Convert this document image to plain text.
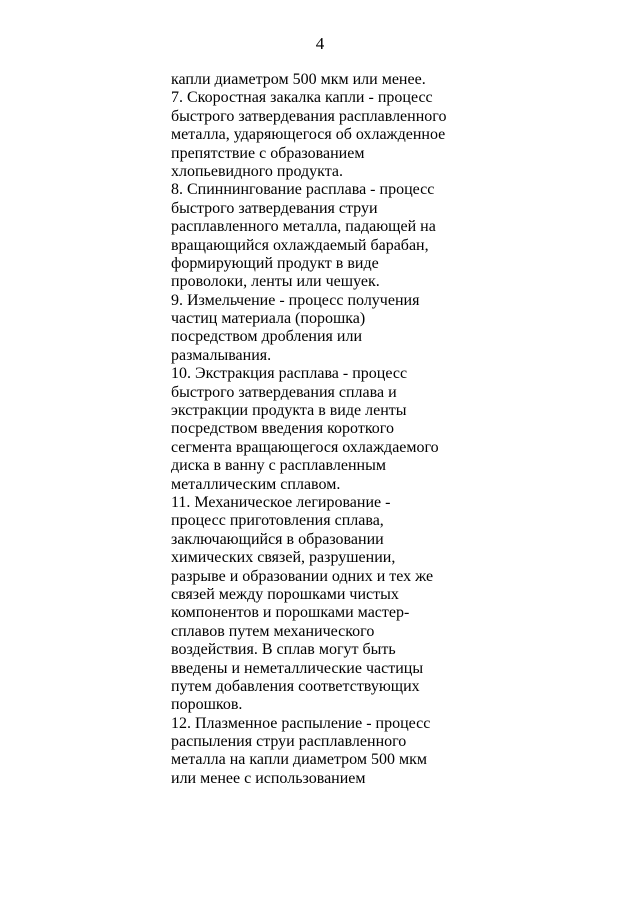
4
капли диаметром 500 мкм или менее.
7. Скоростная закалка капли - процесс
быстрого затвердевания расплавленного
металла, ударяющегося об охлажденное
препятствие с образованием
хлопьевидного продукта.
8. Спиннингование расплава - процесс
быстрого затвердевания струи
расплавленного металла, падающей на
вращающийся охлаждаемый барабан,
формирующий продукт в виде
проволоки, ленты или чешуек.
9. Измельчение - процесс получения
частиц материала (порошка)
посредством дробления или
размалывания.
10. Экстракция расплава - процесс
быстрого затвердевания сплава и
экстракции продукта в виде ленты
посредством введения короткого
сегмента вращающегося охлаждаемого
диска в ванну с расплавленным
металлическим сплавом.
11. Механическое легирование -
процесс приготовления сплава,
заключающийся в образовании
химических связей, разрушении,
разрыве и образовании одних и тех же
связей между порошками чистых
компонентов и порошками мастер-
сплавов путем механического
воздействия. В сплав могут быть
введены и неметаллические частицы
путем добавления соответствующих
порошков.
12. Плазменное распыление - процесс
распыления струи расплавленного
металла на капли диаметром 500 мкм
или менее с использованием
